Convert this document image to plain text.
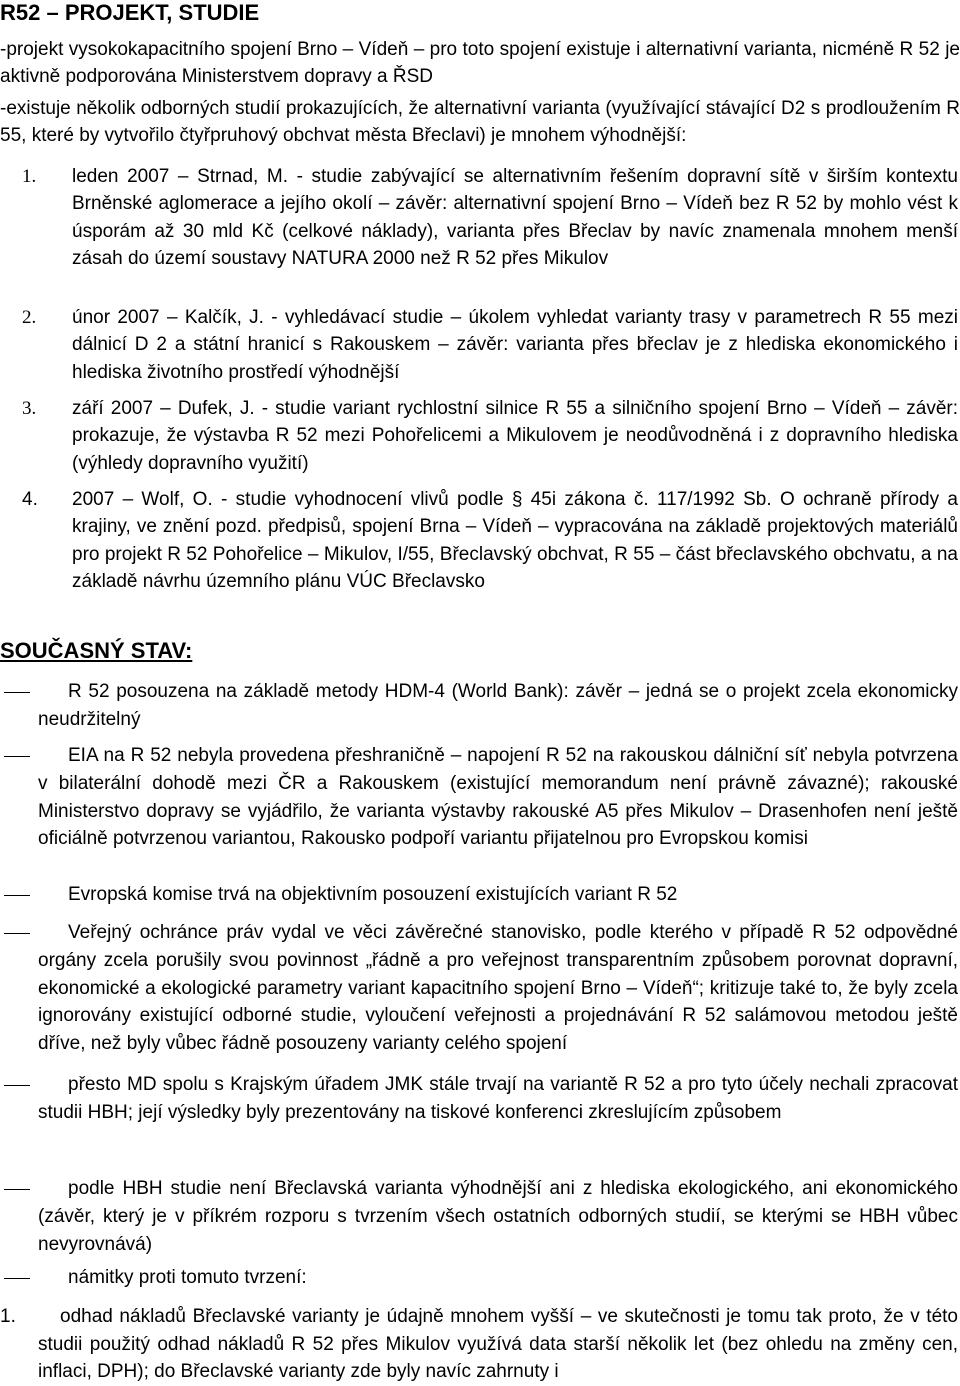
R52 – PROJEKT, STUDIE
-projekt vysokokapacitního spojení Brno – Vídeň – pro toto spojení existuje i alternativní varianta, nicméně R 52 je aktivně podporována Ministerstvem dopravy a ŘSD
-existuje několik odborných studií prokazujících, že alternativní varianta (využívající stávající D2 s prodloužením R 55, které by vytvořilo čtyřpruhový obchvat města Břeclavi) je mnohem výhodnější:
1.	leden 2007 – Strnad, M. - studie zabývající se alternativním řešením dopravní sítě v širším kontextu Brněnské aglomerace a jejího okolí – závěr: alternativní spojení Brno – Vídeň bez R 52 by mohlo vést k úsporám až 30 mld Kč (celkové náklady), varianta přes Břeclav by navíc znamenala mnohem menší zásah do území soustavy NATURA 2000 než R 52 přes Mikulov
2.	únor 2007 – Kalčík, J. - vyhledávací studie – úkolem vyhledat varianty trasy v parametrech R 55 mezi dálnicí D 2 a státní hranicí s Rakouskem – závěr: varianta přes břeclav je z hlediska ekonomického i hlediska životního prostředí výhodnější
3.	září 2007 – Dufek, J. - studie variant rychlostní silnice R 55 a silničního spojení Brno – Vídeň – závěr: prokazuje, že výstavba R 52 mezi Pohořelicemi a Mikulovem je neodůvodněná i z dopravního hlediska (výhledy dopravního využití)
4.	2007 – Wolf, O. - studie vyhodnocení vlivů podle § 45i zákona č. 117/1992 Sb. O ochraně přírody a krajiny, ve znění pozd. předpisů, spojení Brna – Vídeň – vypracována na základě projektových materiálů pro projekt R 52 Pohořelice – Mikulov, I/55, Břeclavský obchvat, R 55 – část břeclavského obchvatu, a na základě návrhu územního plánu VÚC Břeclavsko
SOUČASNÝ STAV:
R 52 posouzena na základě metody HDM-4 (World Bank): závěr – jedná se o projekt zcela ekonomicky neudržitelný
EIA na R 52 nebyla provedena přeshraničně – napojení R 52 na rakouskou dálniční síť nebyla potvrzena v bilaterální dohodě mezi ČR a Rakouskem (existující memorandum není právně závazné); rakouské Ministerstvo dopravy se vyjádřilo, že varianta výstavby rakouské A5 přes Mikulov – Drasenhofen není ještě oficiálně potvrzenou variantou, Rakousko podpoří variantu přijatelnou pro Evropskou komisi
Evropská komise trvá na objektivním posouzení existujících variant R 52
Veřejný ochránce práv vydal ve věci závěrečné stanovisko, podle kterého v případě R 52 odpovědné orgány zcela porušily svou povinnost „řádně a pro veřejnost transparentním způsobem porovnat dopravní, ekonomické a ekologické parametry variant kapacitního spojení Brno – Vídeň“; kritizuje také to, že byly zcela ignorovány existující odborné studie, vyloučení veřejnosti a projednávání R 52 salámovou metodou ještě dříve, než byly vůbec řádně posouzeny varianty celého spojení
přesto MD spolu s Krajským úřadem JMK stále trvají na variantě R 52 a pro tyto účely nechali zpracovat studii HBH; její výsledky byly prezentovány na tiskové konferenci zkreslujícím způsobem
podle HBH studie není Břeclavská varianta výhodnější ani z hlediska ekologického, ani ekonomického (závěr, který je v příkrém rozporu s tvrzením všech ostatních odborných studií, se kterými se HBH vůbec nevyrovnává)
námitky proti tomuto tvrzení:
1.	odhad nákladů Břeclavské varianty je údajně mnohem vyšší – ve skutečnosti je tomu tak proto, že v této studii použitý odhad nákladů R 52 přes Mikulov využívá data starší několik let (bez ohledu na změny cen, inflaci, DPH); do Břeclavské varianty zde byly navíc zahrnuty i
